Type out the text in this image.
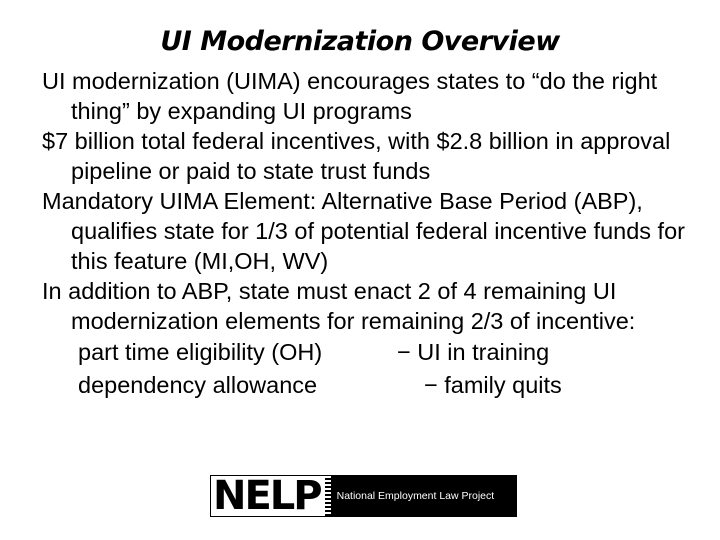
UI Modernization Overview

UI modernization (UIMA) encourages states to “do the right thing” by expanding UI programs

$7 billion total federal incentives, with $2.8 billion in approval pipeline or paid to state trust funds

Mandatory UIMA Element: Alternative Base Period (ABP), qualifies state for 1/3 of potential federal incentive funds for this feature (MI,OH, WV)

In addition to ABP, state must enact 2 of 4 remaining UI modernization elements for remaining 2/3 of incentive:

part time eligibility (OH)	− UI in training
dependency allowance	− family quits
NELP	National Employment Law Project
